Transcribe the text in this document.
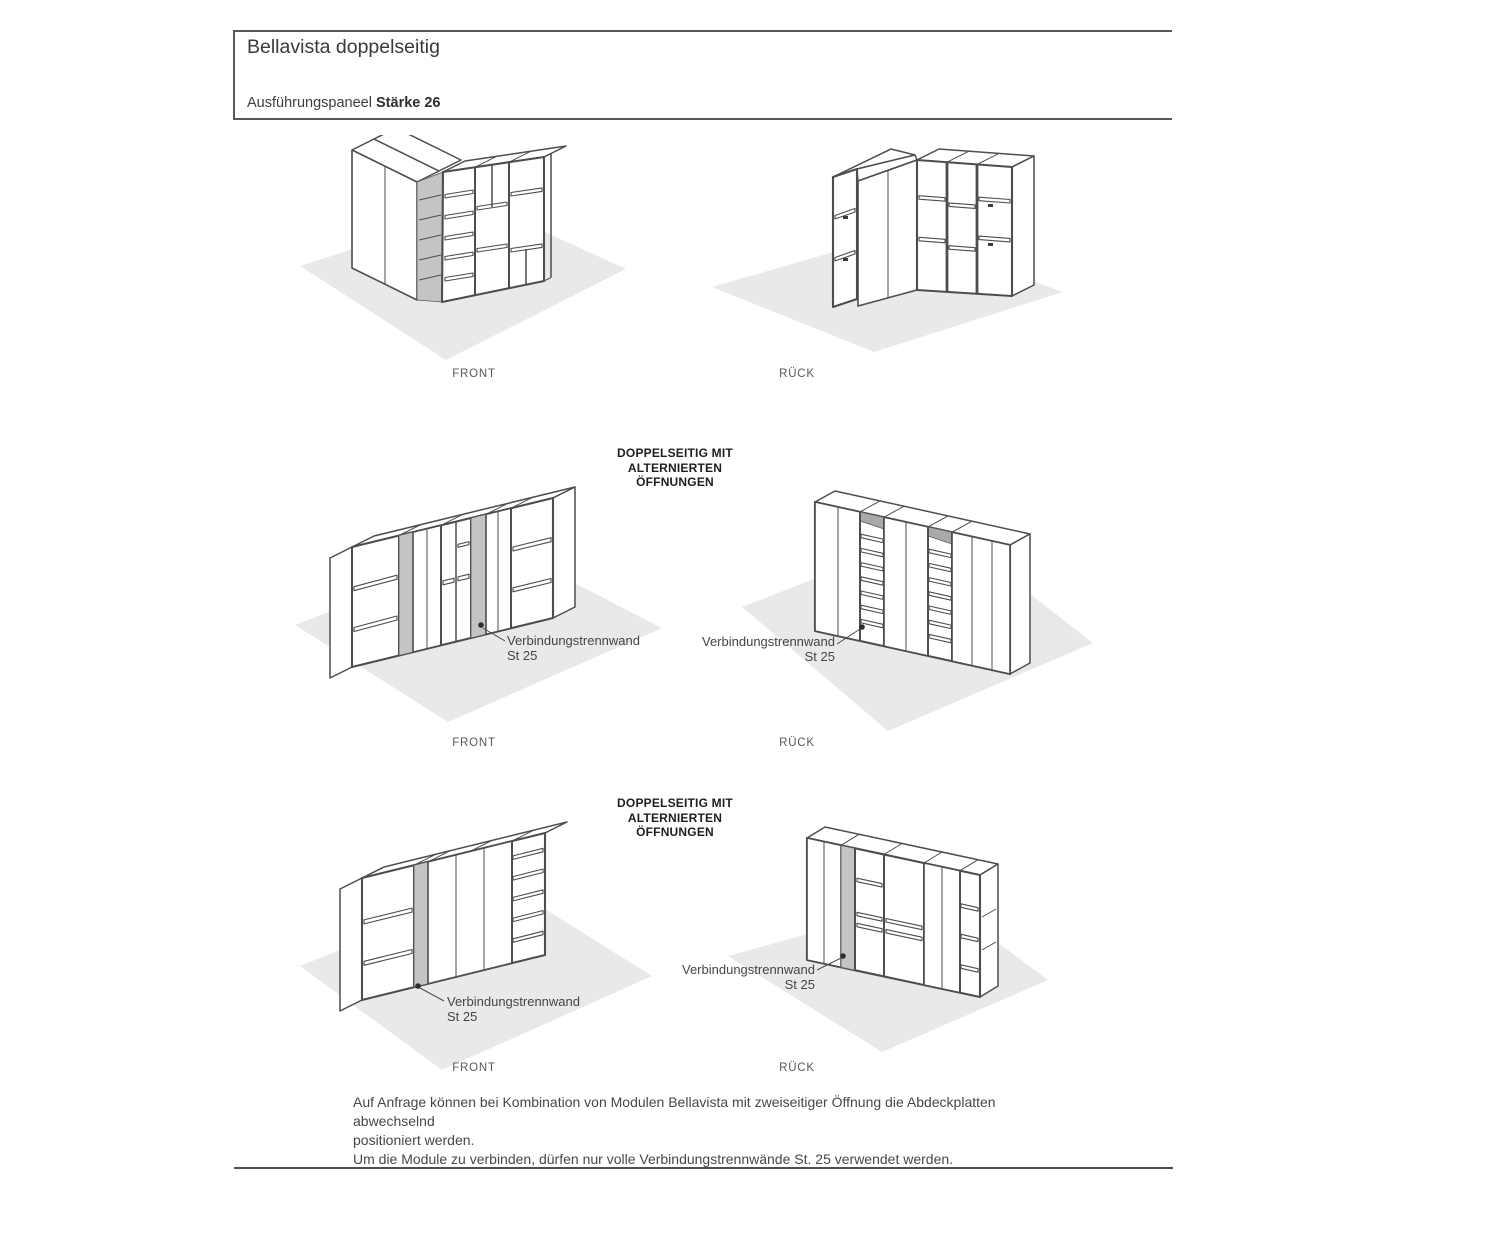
Bellavista doppelseitig
Ausführungspaneel Stärke 26
FRONT	RÜCK
DOPPELSEITIG MIT
ALTERNIERTEN
ÖFFNUNGEN
Verbindungstrennwand
St 25
Verbindungstrennwand
St 25
FRONT	RÜCK
DOPPELSEITIG MIT
ALTERNIERTEN
ÖFFNUNGEN
Verbindungstrennwand
St 25
Verbindungstrennwand
St 25
FRONT	RÜCK
Auf Anfrage können bei Kombination von Modulen Bellavista mit zweiseitiger Öffnung die Abdeckplatten abwechselnd
positioniert werden.
Um die Module zu verbinden, dürfen nur volle Verbindungstrennwände St. 25 verwendet werden.
